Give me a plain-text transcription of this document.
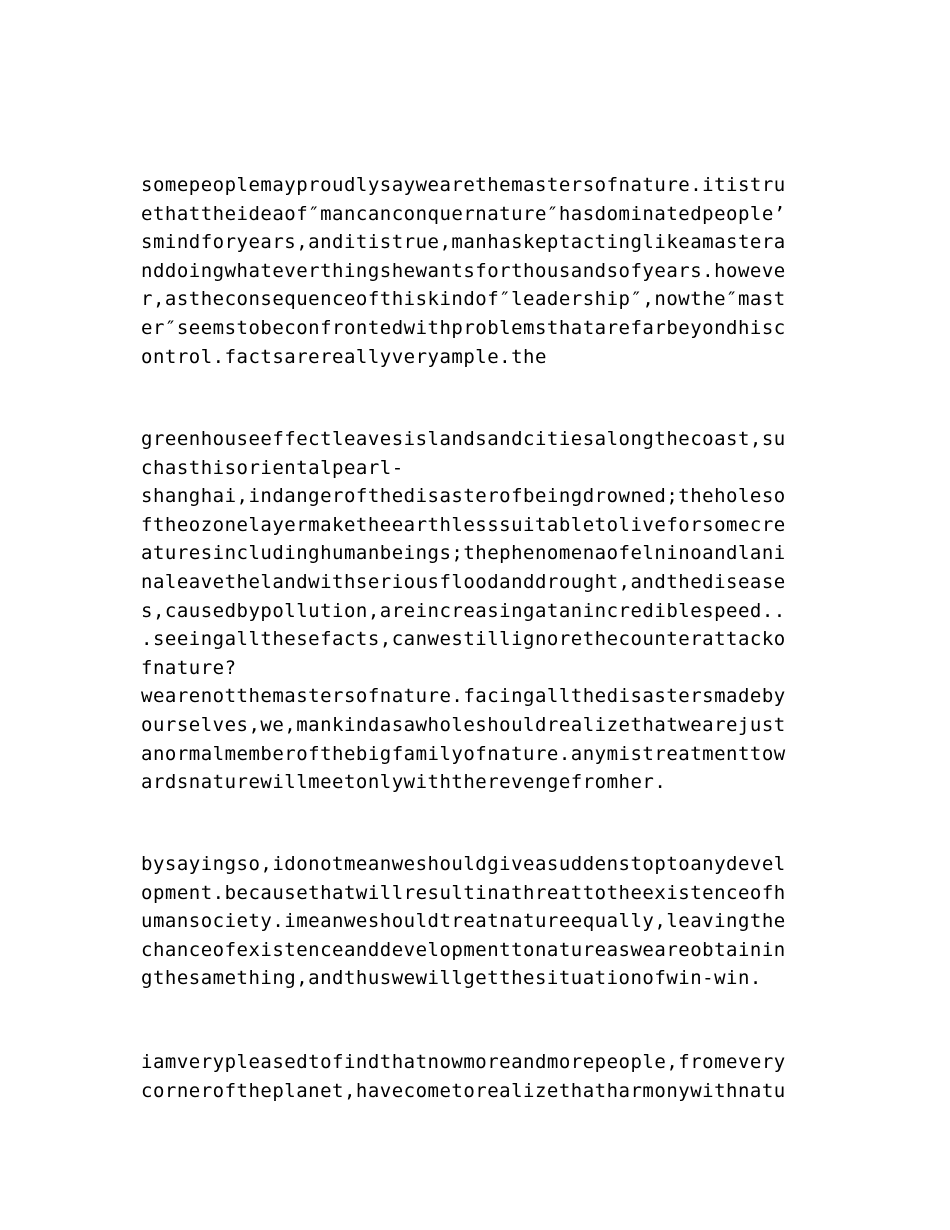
somepeoplemayproudlysaywearethemastersofnature.itistru
ethattheideaof″mancanconquernature″hasdominatedpeople’
smindforyears,anditistrue,manhaskeptactinglikeamastera
nddoingwhateverthingshewantsforthousandsofyears.howeve
r,astheconsequenceofthiskindof″leadership″,nowthe″mast
er″seemstobeconfrontedwithproblemsthatarefarbeyondhisc
ontrol.factsarereallyveryample.the
greenhouseeffectleavesislandsandcitiesalongthecoast,su
chasthisorientalpearl-
shanghai,indangerofthedisasterofbeingdrowned;theholeso
ftheozonelayermaketheearthlesssuitabletoliveforsomecre
aturesincludinghumanbeings;thephenomenaofelninoandlani
naleavethelandwithseriousfloodanddrought,andthedisease
s,causedbypollution,areincreasingatanincrediblespeed..
.seeingallthesefacts,canwestillignorethecounterattacko
fnature?
wearenotthemastersofnature.facingallthedisastersmadeby
ourselves,we,mankindasawholeshouldrealizethatwearejust
anormalmemberofthebigfamilyofnature.anymistreatmenttow
ardsnaturewillmeetonlywiththerevengefromher.
bysayingso,idonotmeanweshouldgiveasuddenstoptoanydevel
opment.becausethatwillresultinathreattotheexistenceofh
umansociety.imeanweshouldtreatnatureequally,leavingthe
chanceofexistenceanddevelopmenttonatureasweareobtainin
gthesamething,andthuswewillgetthesituationofwin-win.
iamverypleasedtofindthatnowmoreandmorepeople,fromevery
corneroftheplanet,havecometorealizethatharmonywithnatu
